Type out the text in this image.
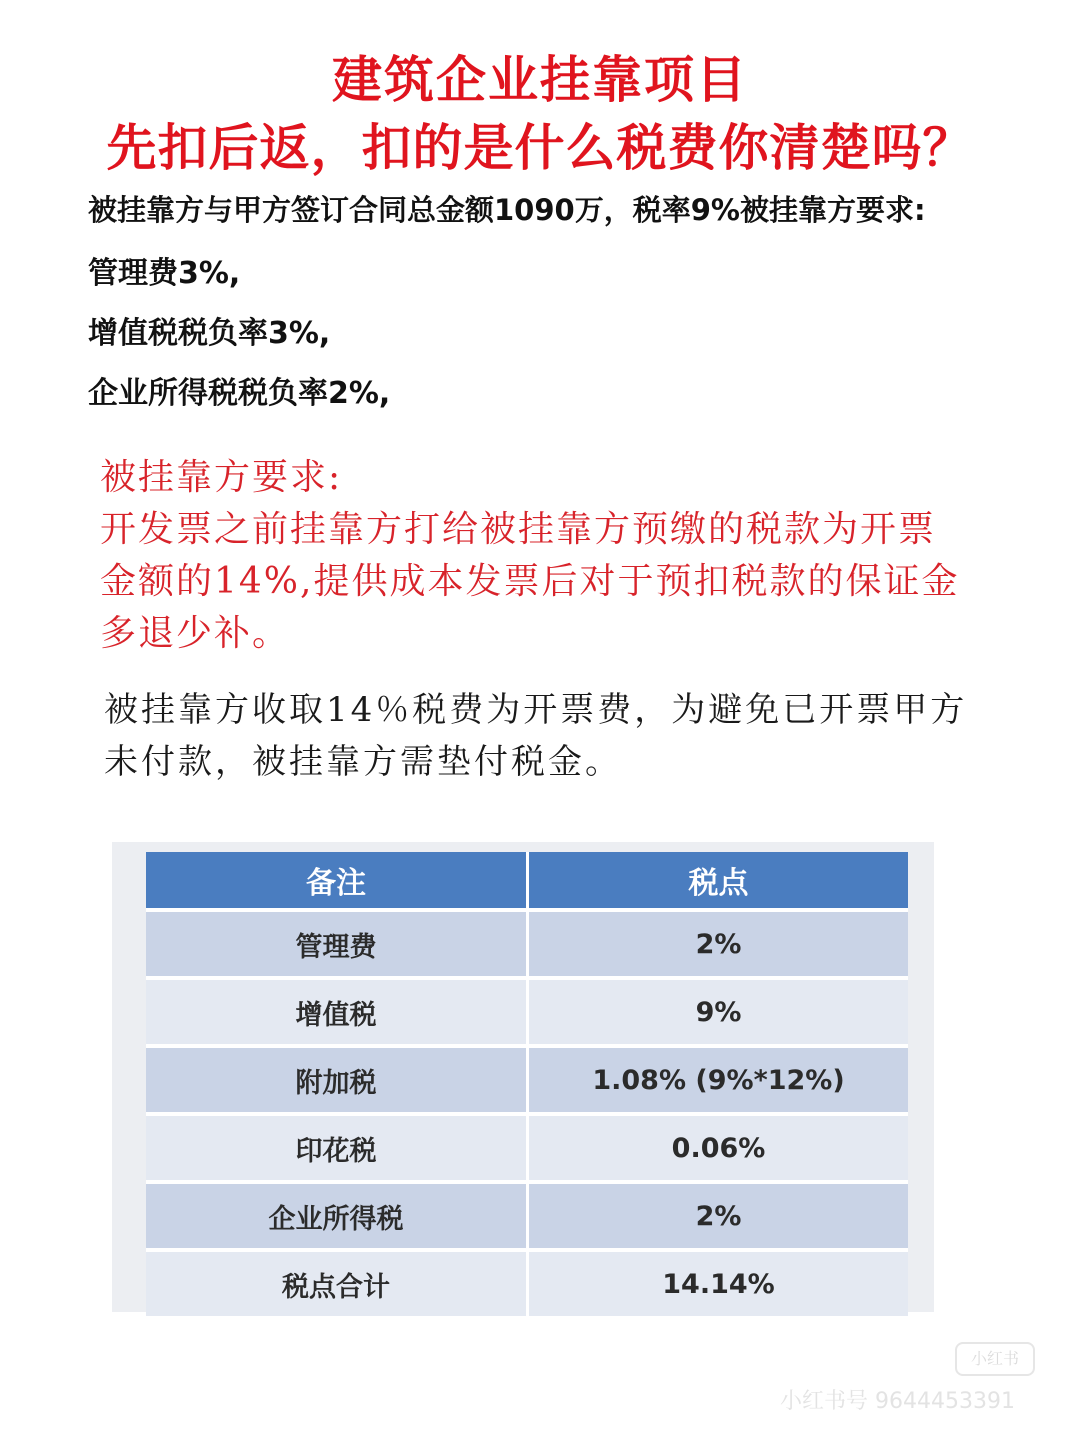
建筑企业挂靠项目
先扣后返，扣的是什么税费你清楚吗？
被挂靠方与甲方签订合同总金额1090万，税率9%被挂靠方要求:
管理费3%,
增值税税负率3%,
企业所得税税负率2%,
被挂靠方要求:
开发票之前挂靠方打给被挂靠方预缴的税款为开票
金额的14%,提供成本发票后对于预扣税款的保证金
多退少补。
被挂靠方收取14％税费为开票费，为避免已开票甲方
未付款，被挂靠方需垫付税金。
备注	税点
管理费	2%
增值税	9%
附加税	1.08% (9%*12%)
印花税	0.06%
企业所得税	2%
税点合计	14.14%
小红书
小红书号 9644453391
